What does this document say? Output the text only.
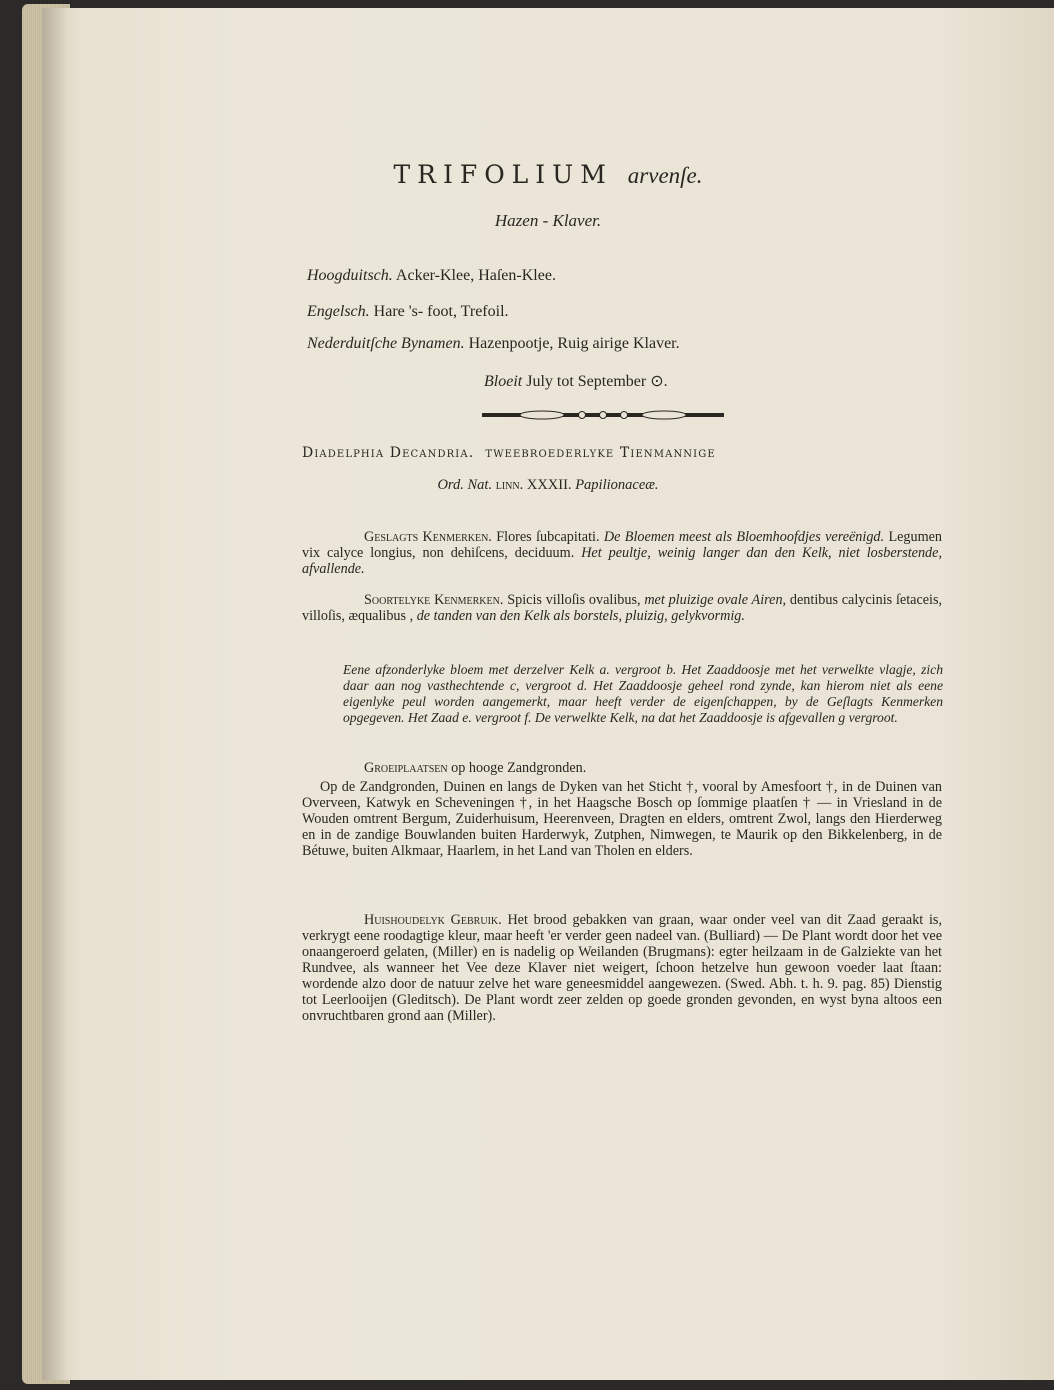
TRIFOLIUM arvenſe.
Hazen - Klaver.
Hoogduitsch. Acker-Klee, Haſen-Klee.
Engelsch. Hare 's- foot, Trefoil.
Nederduitſche Bynamen. Hazenpootje, Ruig airige Klaver.
Bloeit July tot September ⊙.
Diadelphia Decandria. tweebroederlyke Tienmannige
Ord. Nat. linn. XXXII. Papilionaceæ.
Geslagts Kenmerken. Flores ſubcapitati. De Bloemen meest als Bloemhoofdjes vereënigd. Legumen vix calyce longius, non dehiſcens, deciduum. Het peultje, weinig langer dan den Kelk, niet losberstende, afvallende.
Soortelyke Kenmerken. Spicis villoſis ovalibus, met pluizige ovale Airen, dentibus calycinis ſetaceis, villoſis, æqualibus , de tanden van den Kelk als borstels, pluizig, gelykvormig.
Eene afzonderlyke bloem met derzelver Kelk a. vergroot b. Het Zaaddoosje met het verwelkte vlagje, zich daar aan nog vasthechtende c, vergroot d. Het Zaaddoosje geheel rond zynde, kan hierom niet als eene eigenlyke peul worden aangemerkt, maar heeft verder de eigenſchappen, by de Geſlagts Kenmerken opgegeven. Het Zaad e. vergroot f. De verwelkte Kelk, na dat het Zaaddoosje is afgevallen g vergroot.
Groeiplaatsen op hooge Zandgronden.
Op de Zandgronden, Duinen en langs de Dyken van het Sticht †, vooral by Amesfoort †, in de Duinen van Overveen, Katwyk en Scheveningen †, in het Haagsche Bosch op ſommige plaatſen † — in Vriesland in de Wouden omtrent Bergum, Zuiderhuisum, Heerenveen, Dragten en elders, omtrent Zwol, langs den Hierderweg en in de zandige Bouwlanden buiten Harderwyk, Zutphen, Nimwegen, te Maurik op den Bikkelenberg, in de Bétuwe, buiten Alkmaar, Haarlem, in het Land van Tholen en elders.
Huishoudelyk Gebruik. Het brood gebakken van graan, waar onder veel van dit Zaad geraakt is, verkrygt eene roodagtige kleur, maar heeft 'er verder geen nadeel van. (Bulliard) — De Plant wordt door het vee onaangeroerd gelaten, (Miller) en is nadelig op Weilanden (Brugmans): egter heilzaam in de Galziekte van het Rundvee, als wanneer het Vee deze Klaver niet weigert, ſchoon hetzelve hun gewoon voeder laat ſtaan: wordende alzo door de natuur zelve het ware geneesmiddel aangewezen. (Swed. Abh. t. h. 9. pag. 85) Dienstig tot Leerlooijen (Gleditsch). De Plant wordt zeer zelden op goede gronden gevonden, en wyst byna altoos een onvruchtbaren grond aan (Miller).
